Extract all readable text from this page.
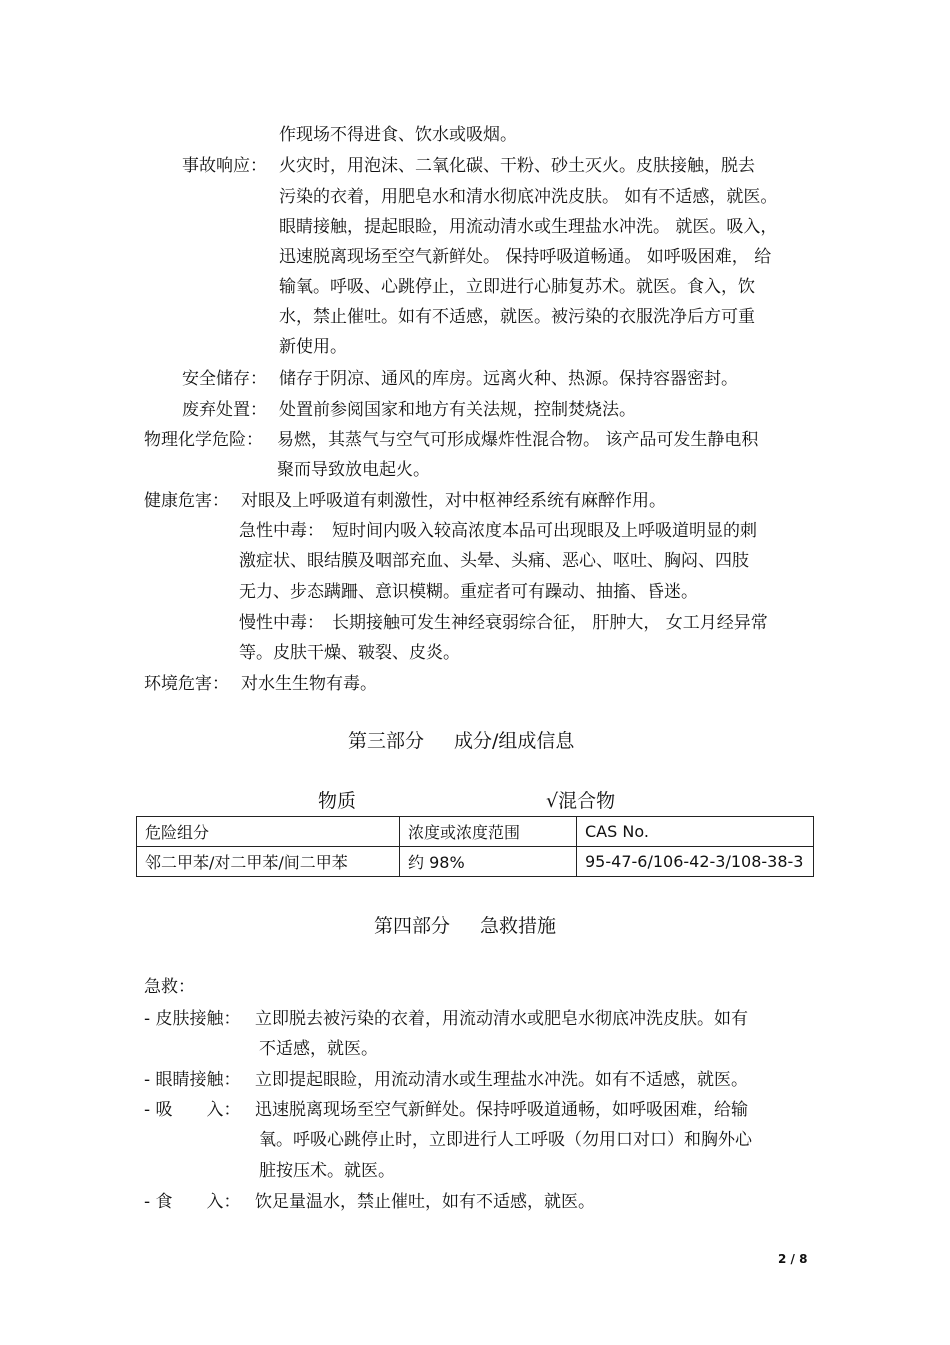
作现场不得进食、饮水或吸烟。
事故响应： 火灾时，用泡沫、二氧化碳、干粉、砂土灭火。皮肤接触，脱去
污染的衣着，用肥皂水和清水彻底冲洗皮肤。 如有不适感，就医。
眼睛接触，提起眼睑，用流动清水或生理盐水冲洗。 就医。吸入，
迅速脱离现场至空气新鲜处。 保持呼吸道畅通。 如呼吸困难， 给
输氧。呼吸、心跳停止，立即进行心肺复苏术。就医。食入，饮
水，禁止催吐。如有不适感，就医。被污染的衣服洗净后方可重
新使用。
安全储存： 储存于阴凉、通风的库房。远离火种、热源。保持容器密封。
废弃处置： 处置前参阅国家和地方有关法规，控制焚烧法。
物理化学危险： 易燃，其蒸气与空气可形成爆炸性混合物。 该产品可发生静电积
聚而导致放电起火。
健康危害： 对眼及上呼吸道有刺激性，对中枢神经系统有麻醉作用。
急性中毒： 短时间内吸入较高浓度本品可出现眼及上呼吸道明显的刺
激症状、眼结膜及咽部充血、头晕、头痛、恶心、呕吐、胸闷、四肢
无力、步态蹒跚、意识模糊。重症者可有躁动、抽搐、昏迷。
慢性中毒： 长期接触可发生神经衰弱综合征， 肝肿大， 女工月经异常
等。皮肤干燥、皲裂、皮炎。
环境危害： 对水生生物有毒。
第三部分 成分/组成信息
物质	√混合物
危险组分	浓度或浓度范围	CAS No.
邻二甲苯/对二甲苯/间二甲苯	约 98%	95-47-6/106-42-3/108-38-3
第四部分 急救措施
急救：
- 皮肤接触： 立即脱去被污染的衣着，用流动清水或肥皂水彻底冲洗皮肤。如有
不适感，就医。
- 眼睛接触： 立即提起眼睑，用流动清水或生理盐水冲洗。如有不适感，就医。
- 吸　　入： 迅速脱离现场至空气新鲜处。保持呼吸道通畅，如呼吸困难，给输
氧。呼吸心跳停止时，立即进行人工呼吸（勿用口对口）和胸外心
脏按压术。就医。
- 食　　入： 饮足量温水，禁止催吐，如有不适感，就医。
2 / 8
